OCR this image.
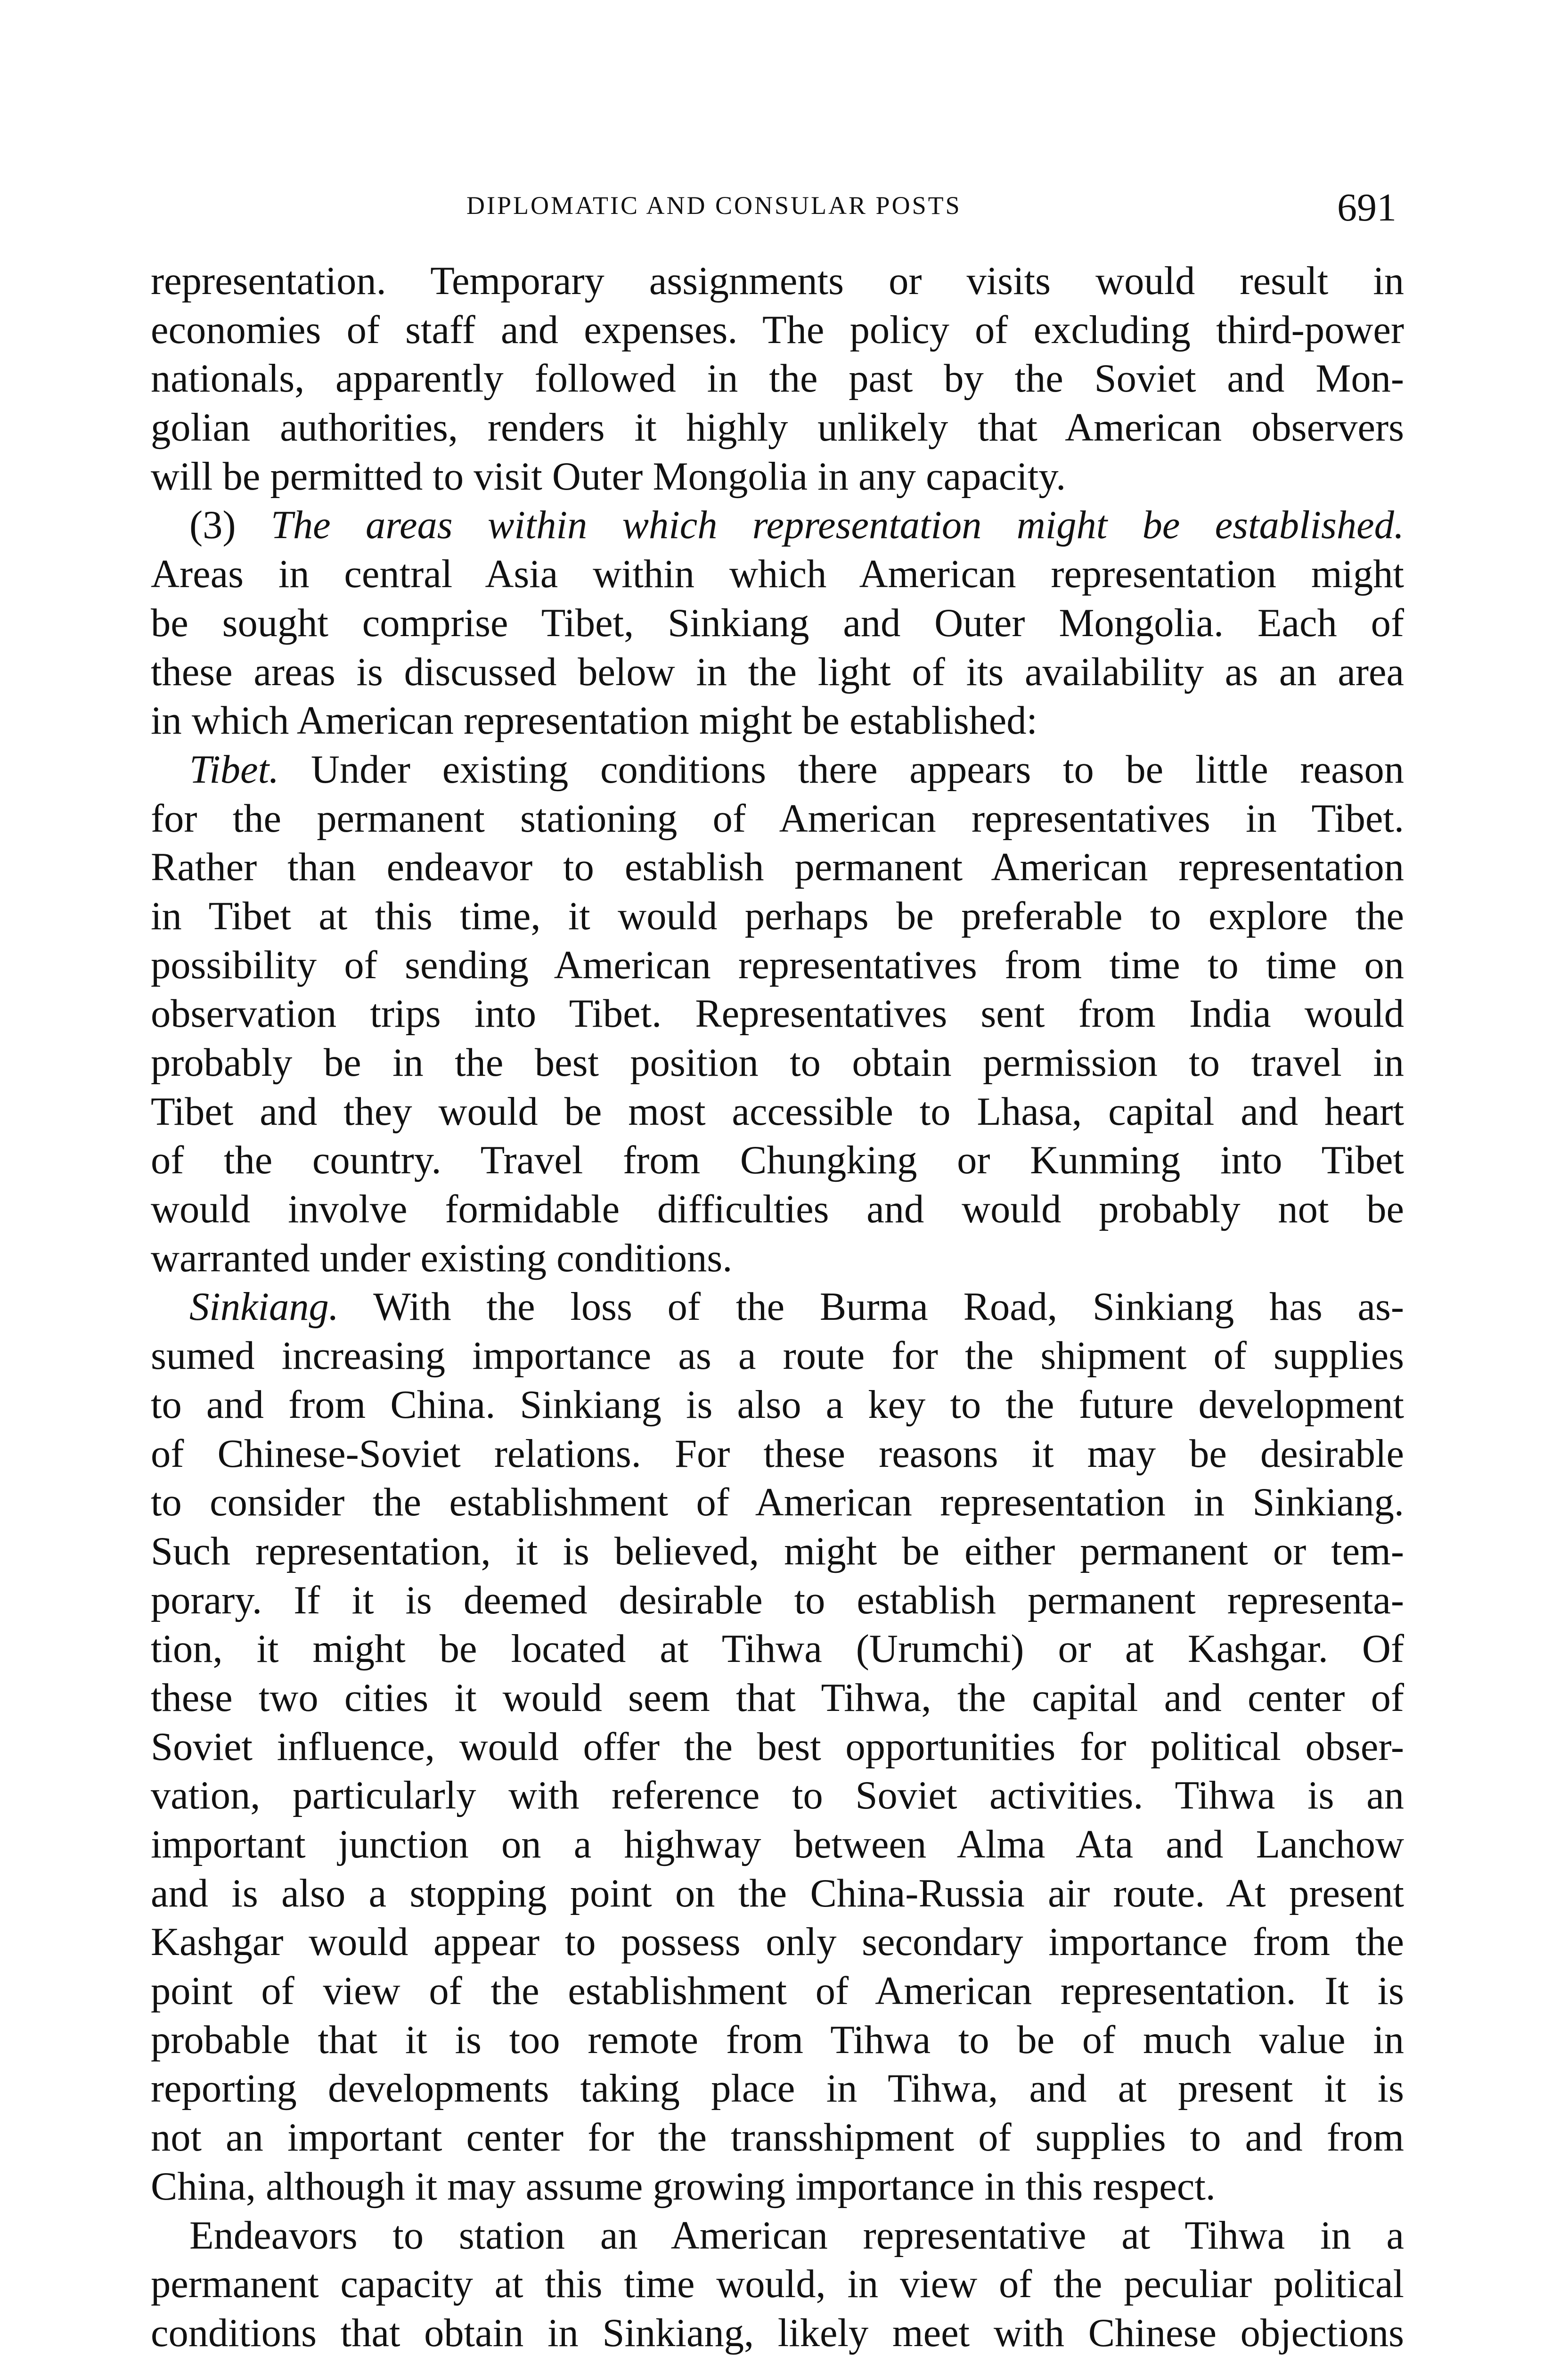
DIPLOMATIC AND CONSULAR POSTS	691
representation. Temporary assignments or visits would result in
economies of staff and expenses. The policy of excluding third-power
nationals, apparently followed in the past by the Soviet and Mon-
golian authorities, renders it highly unlikely that American observers
will be permitted to visit Outer Mongolia in any capacity.
(3) The areas within which representation might be established.
Areas in central Asia within which American representation might
be sought comprise Tibet, Sinkiang and Outer Mongolia. Each of
these areas is discussed below in the light of its availability as an area
in which American representation might be established:
Tibet. Under existing conditions there appears to be little reason
for the permanent stationing of American representatives in Tibet.
Rather than endeavor to establish permanent American representation
in Tibet at this time, it would perhaps be preferable to explore the
possibility of sending American representatives from time to time on
observation trips into Tibet. Representatives sent from India would
probably be in the best position to obtain permission to travel in
Tibet and they would be most accessible to Lhasa, capital and heart
of the country. Travel from Chungking or Kunming into Tibet
would involve formidable difficulties and would probably not be
warranted under existing conditions.
Sinkiang. With the loss of the Burma Road, Sinkiang has as-
sumed increasing importance as a route for the shipment of supplies
to and from China. Sinkiang is also a key to the future development
of Chinese-Soviet relations. For these reasons it may be desirable
to consider the establishment of American representation in Sinkiang.
Such representation, it is believed, might be either permanent or tem-
porary. If it is deemed desirable to establish permanent representa-
tion, it might be located at Tihwa (Urumchi) or at Kashgar. Of
these two cities it would seem that Tihwa, the capital and center of
Soviet influence, would offer the best opportunities for political obser-
vation, particularly with reference to Soviet activities. Tihwa is an
important junction on a highway between Alma Ata and Lanchow
and is also a stopping point on the China-Russia air route. At present
Kashgar would appear to possess only secondary importance from the
point of view of the establishment of American representation. It is
probable that it is too remote from Tihwa to be of much value in
reporting developments taking place in Tihwa, and at present it is
not an important center for the transshipment of supplies to and from
China, although it may assume growing importance in this respect.
Endeavors to station an American representative at Tihwa in a
permanent capacity at this time would, in view of the peculiar political
conditions that obtain in Sinkiang, likely meet with Chinese objections
